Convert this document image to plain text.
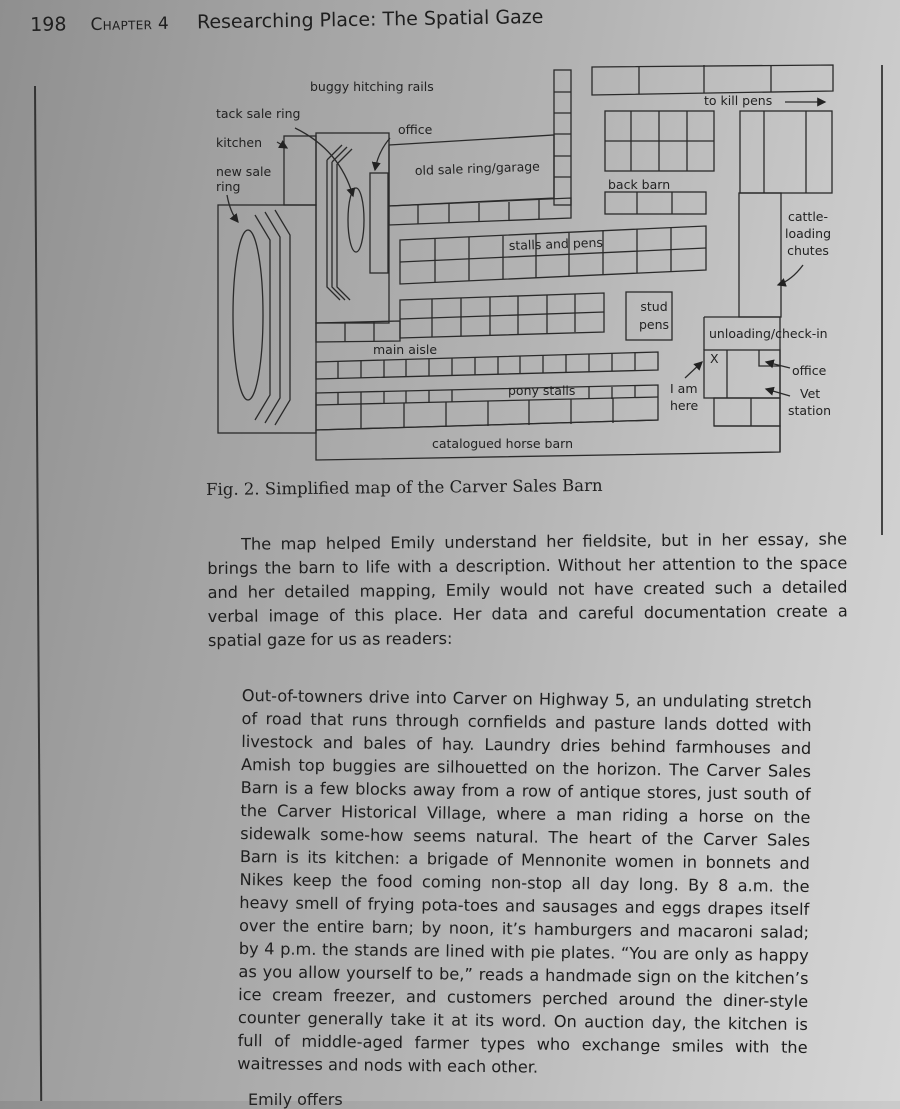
198 Chapter 4 Researching Place: The Spatial Gaze
buggy hitching rails
tack sale ring
kitchen
new sale
ring
office
old sale ring/garage
to kill pens
back barn
stalls and pens
cattle-
loading
chutes
stud
pens
unloading/check-in
main aisle
X
office
I am
here
Vet
station
pony stalls
catalogued horse barn
Fig. 2. Simplified map of the Carver Sales Barn

The map helped Emily understand her fieldsite, but in her essay, she brings the barn to life with a description. Without her attention to the space and her detailed mapping, Emily would not have created such a detailed verbal image of this place. Her data and careful documentation create a spatial gaze for us as readers:

Out-of-towners drive into Carver on Highway 5, an undulating stretch of road that runs through cornfields and pasture lands dotted with livestock and bales of hay. Laundry dries behind farmhouses and Amish top buggies are silhouetted on the horizon. The Carver Sales Barn is a few blocks away from a row of antique stores, just south of the Carver Historical Village, where a man riding a horse on the sidewalk some-how seems natural. The heart of the Carver Sales Barn is its kitchen: a brigade of Mennonite women in bonnets and Nikes keep the food coming non-stop all day long. By 8 a.m. the heavy smell of frying pota-toes and sausages and eggs drapes itself over the entire barn; by noon, it’s hamburgers and macaroni salad; by 4 p.m. the stands are lined with pie plates. “You are only as happy as you allow yourself to be,” reads a handmade sign on the kitchen’s ice cream freezer, and customers perched around the diner-style counter generally take it at its word. On auction day, the kitchen is full of middle-aged farmer types who exchange smiles with the waitresses and nods with each other.

Emily offers
